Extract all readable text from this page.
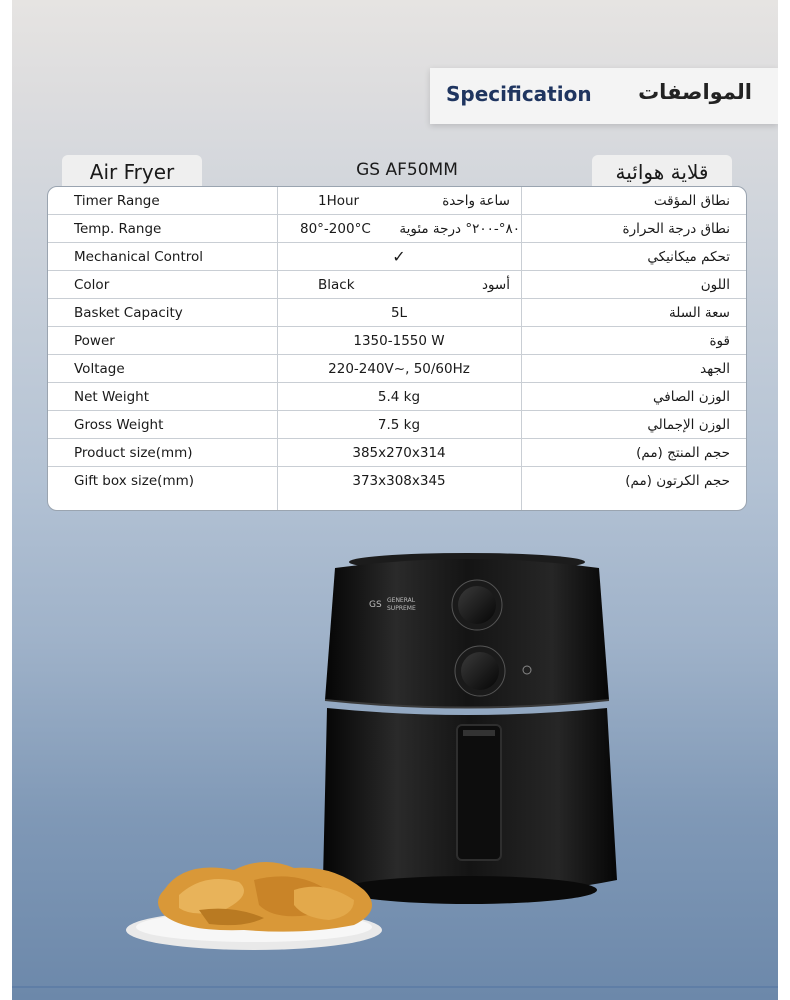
Specification المواصفات
Air Fryer	GS AF50MM	قلاية هوائية
Timer Range	1Hour	ساعة واحدة	نطاق المؤقت
Temp. Range	80°-200°C ٨٠°-٢٠٠° درجة مئوية	نطاق درجة الحرارة
Mechanical Control	✓	تحكم ميكانيكي
Color	Black	أسود	اللون
Basket Capacity	5L	سعة السلة
Power	1350-1550 W	قوة
Voltage	220-240V~, 50/60Hz	الجهد
Net Weight	5.4 kg	الوزن الصافي
Gross Weight	7.5 kg	الوزن الإجمالي
Product size(mm)	385x270x314	حجم المنتج (مم)
Gift box size(mm)	373x308x345	حجم الكرتون (مم)
GS GENERAL
SUPREME
